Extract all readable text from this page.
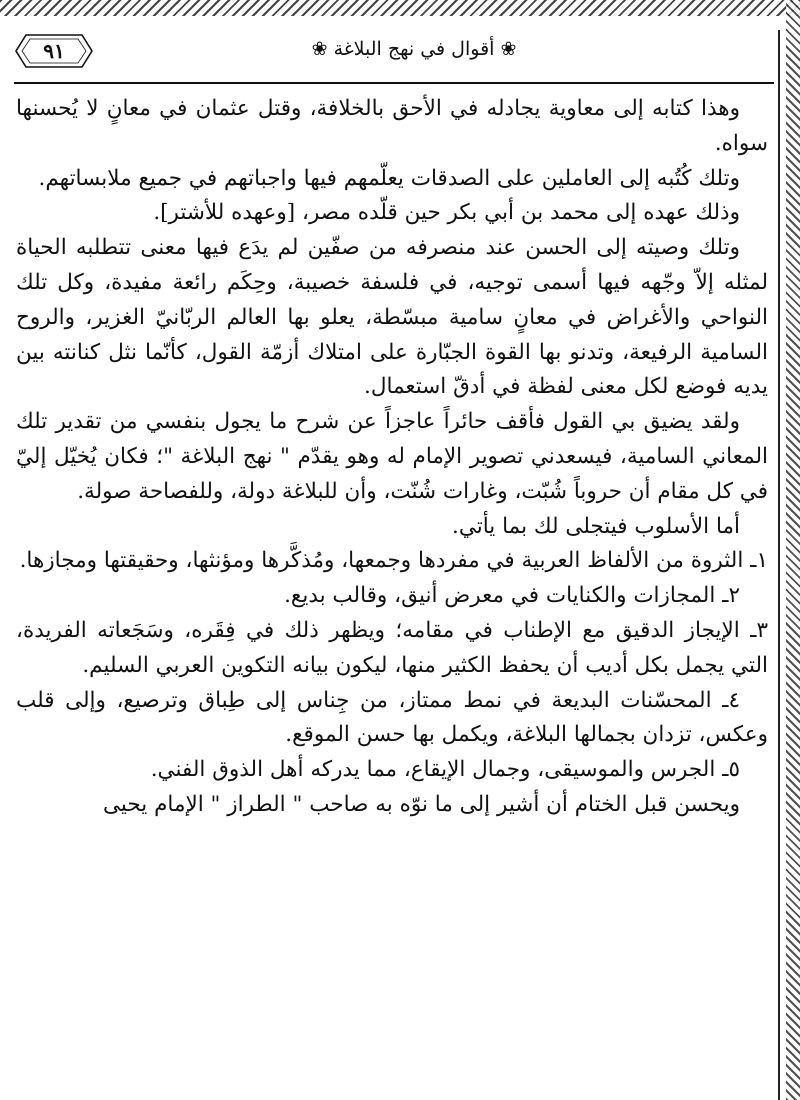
٩١	❀ أقوال في نهج البلاغة ❀

وهذا كتابه إلى معاوية يجادله في الأحق بالخلافة، وقتل عثمان في معانٍ لا يُحسنها سواه.

وتلك كُتُبه إلى العاملين على الصدقات يعلّمهم فيها واجباتهم في جميع ملابساتهم.

وذلك عهده إلى محمد بن أبي بكر حين قلّده مصر، [وعهده للأشتر].

وتلك وصيته إلى الحسن عند منصرفه من صفّين لم يدَع فيها معنى تتطلبه الحياة لمثله إلاّ وجّهه فيها أسمى توجيه، في فلسفة خصيبة، وحِكَم رائعة مفيدة، وكل تلك النواحي والأغراض في معانٍ سامية مبسّطة، يعلو بها العالم الربّانيّ الغزير، والروح السامية الرفيعة، وتدنو بها القوة الجبّارة على امتلاك أزمّة القول، كأنّما نثل كنانته بين يديه فوضع لكل معنى لفظة في أدقّ استعمال.

ولقد يضيق بي القول فأقف حائراً عاجزاً عن شرح ما يجول بنفسي من تقدير تلك المعاني السامية، فيسعدني تصوير الإمام له وهو يقدّم " نهج البلاغة "؛ فكان يُخيّل إليّ في كل مقام أن حروباً شُبّت، وغارات شُنّت، وأن للبلاغة دولة، وللفصاحة صولة.

أما الأسلوب فيتجلى لك بما يأتي.

١ـ الثروة من الألفاظ العربية في مفردها وجمعها، ومُذكَّرها ومؤنثها، وحقيقتها ومجازها.

٢ـ المجازات والكنايات في معرض أنيق، وقالب بديع.

٣ـ الإيجاز الدقيق مع الإطناب في مقامه؛ ويظهر ذلك في فِقَره، وسَجَعاته الفريدة، التي يجمل بكل أديب أن يحفظ الكثير منها، ليكون بيانه التكوين العربي السليم.

٤ـ المحسّنات البديعة في نمط ممتاز، من جِناس إلى طِباق وترصيع، وإلى قلب وعكس، تزدان بجمالها البلاغة، ويكمل بها حسن الموقع.

٥ـ الجرس والموسيقى، وجمال الإيقاع، مما يدركه أهل الذوق الفني.

ويحسن قبل الختام أن أشير إلى ما نوّه به صاحب " الطراز " الإمام يحيى
